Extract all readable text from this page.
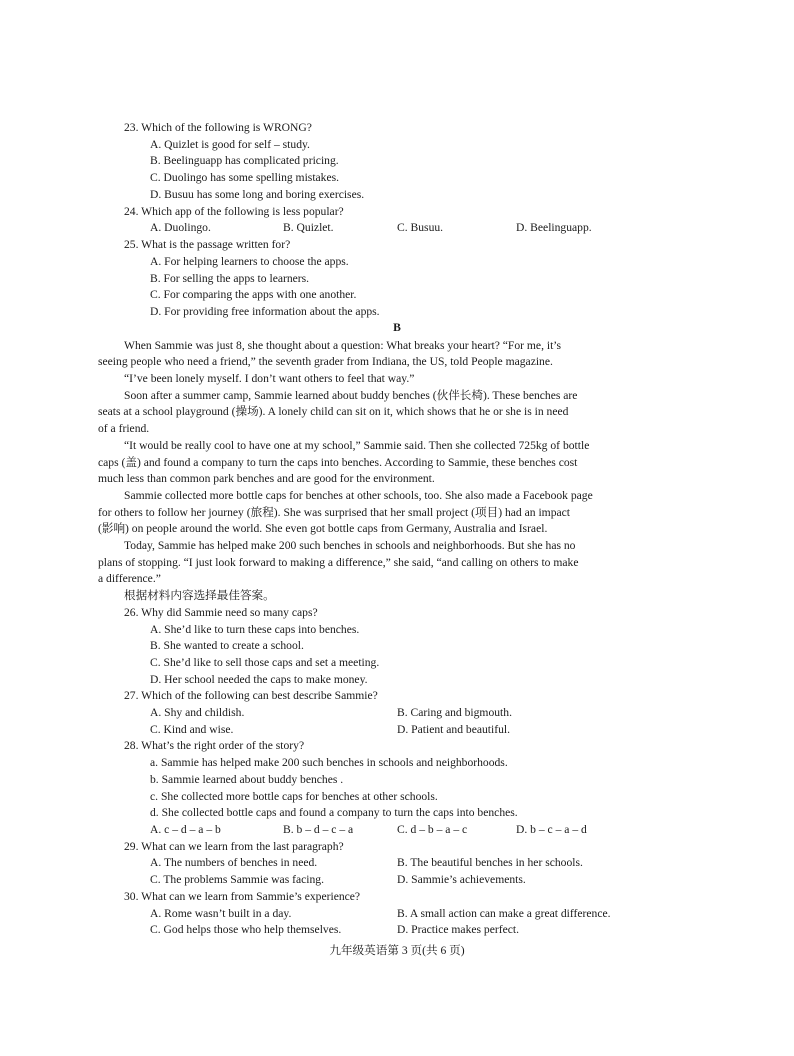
23. Which of the following is WRONG?
A. Quizlet is good for self – study.
B. Beelinguapp has complicated pricing.
C. Duolingo has some spelling mistakes.
D. Busuu has some long and boring exercises.
24. Which app of the following is less popular?
A. Duolingo.	B. Quizlet.	C. Busuu.	D. Beelinguapp.
25. What is the passage written for?
A. For helping learners to choose the apps.
B. For selling the apps to learners.
C. For comparing the apps with one another.
D. For providing free information about the apps.
B
When Sammie was just 8, she thought about a question: What breaks your heart? “For me, it’s
seeing people who need a friend,” the seventh grader from Indiana, the US, told People magazine.
“I’ve been lonely myself. I don’t want others to feel that way.”
Soon after a summer camp, Sammie learned about buddy benches (伙伴长椅). These benches are
seats at a school playground (操场). A lonely child can sit on it, which shows that he or she is in need
of a friend.
“It would be really cool to have one at my school,” Sammie said. Then she collected 725kg of bottle
caps (盖) and found a company to turn the caps into benches. According to Sammie, these benches cost
much less than common park benches and are good for the environment.
Sammie collected more bottle caps for benches at other schools, too. She also made a Facebook page
for others to follow her journey (旅程). She was surprised that her small project (项目) had an impact
(影响) on people around the world. She even got bottle caps from Germany, Australia and Israel.
Today, Sammie has helped make 200 such benches in schools and neighborhoods. But she has no
plans of stopping. “I just look forward to making a difference,” she said, “and calling on others to make
a difference.”
根据材料内容选择最佳答案。
26. Why did Sammie need so many caps?
A. She’d like to turn these caps into benches.
B. She wanted to create a school.
C. She’d like to sell those caps and set a meeting.
D. Her school needed the caps to make money.
27. Which of the following can best describe Sammie?
A. Shy and childish.	B. Caring and bigmouth.
C. Kind and wise.	D. Patient and beautiful.
28. What’s the right order of the story?
a. Sammie has helped make 200 such benches in schools and neighborhoods.
b. Sammie learned about buddy benches .
c. She collected more bottle caps for benches at other schools.
d. She collected bottle caps and found a company to turn the caps into benches.
A. c – d – a – b	B. b – d – c – a	C. d – b – a – c	D. b – c – a – d
29. What can we learn from the last paragraph?
A. The numbers of benches in need.	B. The beautiful benches in her schools.
C. The problems Sammie was facing.	D. Sammie’s achievements.
30. What can we learn from Sammie’s experience?
A. Rome wasn’t built in a day.	B. A small action can make a great difference.
C. God helps those who help themselves.	D. Practice makes perfect.
九年级英语第 3 页(共 6 页)
